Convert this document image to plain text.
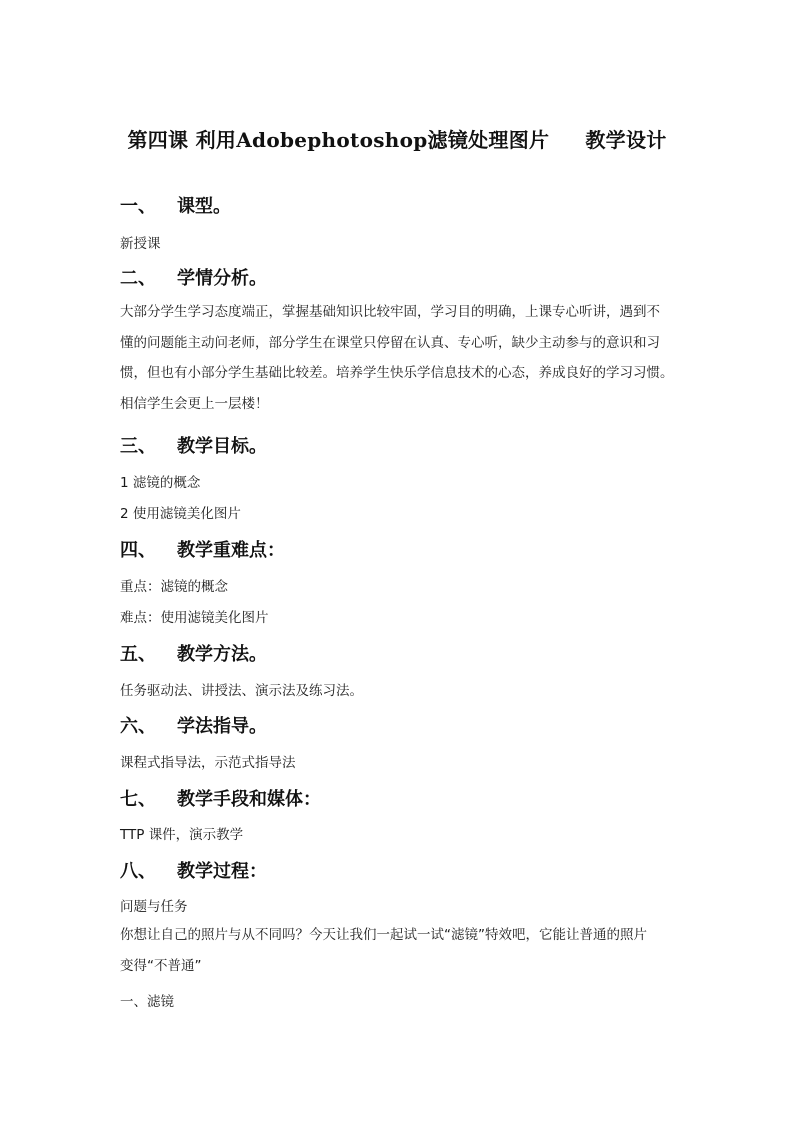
第四课 利用Adobephotoshop滤镜处理图片 教学设计
一、 课型。
新授课
二、 学情分析。
大部分学生学习态度端正，掌握基础知识比较牢固，学习目的明确，上课专心听讲，遇到不
懂的问题能主动问老师，部分学生在课堂只停留在认真、专心听，缺少主动参与的意识和习
惯，但也有小部分学生基础比较差。培养学生快乐学信息技术的心态，养成良好的学习习惯。
相信学生会更上一层楼！
三、 教学目标。
1 滤镜的概念
2 使用滤镜美化图片
四、 教学重难点：
重点：滤镜的概念
难点：使用滤镜美化图片
五、 教学方法。
任务驱动法、讲授法、演示法及练习法。
六、 学法指导。
课程式指导法，示范式指导法
七、 教学手段和媒体：
TTP 课件，演示教学
八、 教学过程：
问题与任务
你想让自己的照片与从不同吗？今天让我们一起试一试“滤镜”特效吧，它能让普通的照片
变得“不普通”
一、滤镜
